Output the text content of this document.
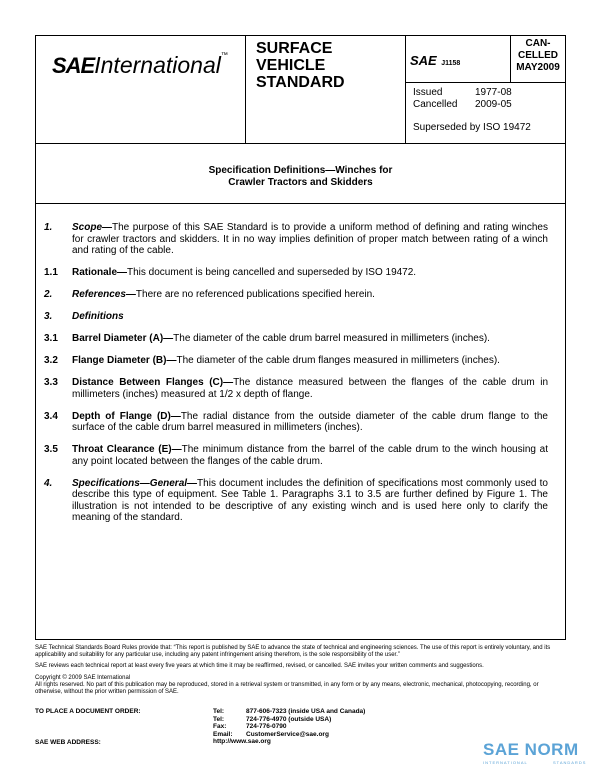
SAEInternational™ SURFACE
VEHICLE
STANDARD
SAE J1158
CAN-
CELLED
MAY2009
Issued	1977-08
Cancelled 2009-05
Superseded by ISO 19472
Specification Definitions—Winches for
Crawler Tractors and Skidders
1. Scope—The purpose of this SAE Standard is to provide a uniform method of defining and rating winches for crawler tractors and skidders. It in no way implies definition of proper match between rating of a winch and rating of the cable.
1.1 Rationale—This document is being cancelled and superseded by ISO 19472.
2. References—There are no referenced publications specified herein.
3. Definitions
3.1 Barrel Diameter (A)—The diameter of the cable drum barrel measured in millimeters (inches).
3.2 Flange Diameter (B)—The diameter of the cable drum flanges measured in millimeters (inches).
3.3 Distance Between Flanges (C)—The distance measured between the flanges of the cable drum in millimeters (inches) measured at 1/2 x depth of flange.
3.4 Depth of Flange (D)—The radial distance from the outside diameter of the cable drum flange to the surface of the cable drum barrel measured in millimeters (inches).
3.5 Throat Clearance (E)—The minimum distance from the barrel of the cable drum to the winch housing at any point located between the flanges of the cable drum.
4. Specifications—General—This document includes the definition of specifications most commonly used to describe this type of equipment. See Table 1. Paragraphs 3.1 to 3.5 are further defined by Figure 1. The illustration is not intended to be descriptive of any existing winch and is used here only to clarify the meaning of the standard.

SAE Technical Standards Board Rules provide that: “This report is published by SAE to advance the state of technical and engineering sciences. The use of this report is entirely voluntary, and its applicability and suitability for any particular use, including any patent infringement arising therefrom, is the sole responsibility of the user.”

SAE reviews each technical report at least every five years at which time it may be reaffirmed, revised, or cancelled. SAE invites your written comments and suggestions.

Copyright © 2009 SAE International
All rights reserved. No part of this publication may be reproduced, stored in a retrieval system or transmitted, in any form or by any means, electronic, mechanical, photocopying, recording, or otherwise, without the prior written permission of SAE.
TO PLACE A DOCUMENT ORDER:
SAE WEB ADDRESS:
Tel:	877-606-7323 (inside USA and Canada)
Tel:	724-776-4970 (outside USA)
Fax:	724-776-0790
Email:	CustomerService@sae.org
http://www.sae.org	SAE NORM
INTERNATIONAL	STANDARDS
